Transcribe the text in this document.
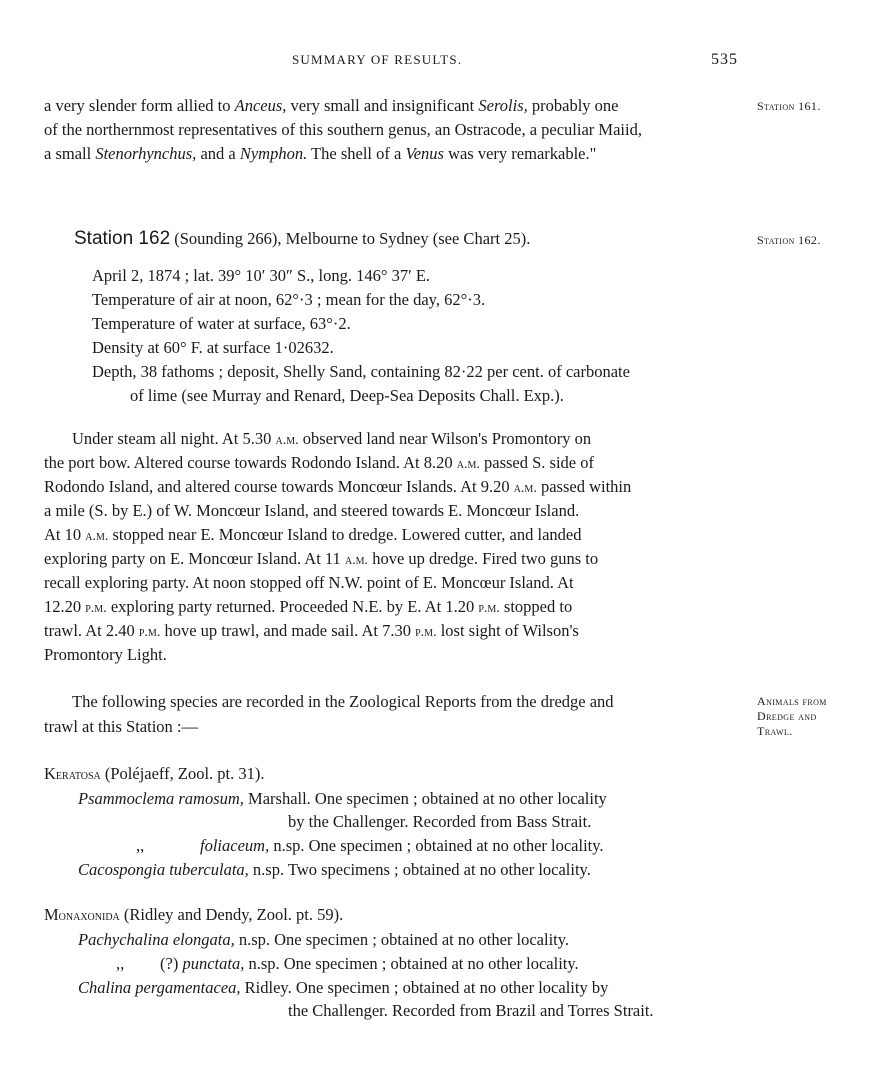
SUMMARY OF RESULTS.	535
a very slender form allied to Anceus, very small and insignificant Serolis, probably one
of the northernmost representatives of this southern genus, an Ostracode, a peculiar Maiid,
a small Stenorhynchus, and a Nymphon. The shell of a Venus was very remarkable."
Station 161.
Station 162.
Animals from
Dredge and
Trawl.
Station 162 (Sounding 266), Melbourne to Sydney (see Chart 25).
April 2, 1874 ; lat. 39° 10′ 30″ S., long. 146° 37′ E.
Temperature of air at noon, 62°·3 ; mean for the day, 62°·3.
Temperature of water at surface, 63°·2.
Density at 60° F. at surface 1·02632.
Depth, 38 fathoms ; deposit, Shelly Sand, containing 82·22 per cent. of carbonate
of lime (see Murray and Renard, Deep-Sea Deposits Chall. Exp.).
Under steam all night. At 5.30 a.m. observed land near Wilson's Promontory on
the port bow. Altered course towards Rodondo Island. At 8.20 a.m. passed S. side of
Rodondo Island, and altered course towards Moncœur Islands. At 9.20 a.m. passed within
a mile (S. by E.) of W. Moncœur Island, and steered towards E. Moncœur Island.
At 10 a.m. stopped near E. Moncœur Island to dredge. Lowered cutter, and landed
exploring party on E. Moncœur Island. At 11 a.m. hove up dredge. Fired two guns to
recall exploring party. At noon stopped off N.W. point of E. Moncœur Island. At
12.20 p.m. exploring party returned. Proceeded N.E. by E. At 1.20 p.m. stopped to
trawl. At 2.40 p.m. hove up trawl, and made sail. At 7.30 p.m. lost sight of Wilson's
Promontory Light.
The following species are recorded in the Zoological Reports from the dredge and
trawl at this Station :—
Keratosa (Poléjaeff, Zool. pt. 31).
Psammoclema ramosum, Marshall. One specimen ; obtained at no other locality
by the Challenger. Recorded from Bass Strait.
,,	foliaceum, n.sp. One specimen ; obtained at no other locality.
Cacospongia tuberculata, n.sp. Two specimens ; obtained at no other locality.
Monaxonida (Ridley and Dendy, Zool. pt. 59).
Pachychalina elongata, n.sp. One specimen ; obtained at no other locality.
,, (?) punctata, n.sp. One specimen ; obtained at no other locality.
Chalina pergamentacea, Ridley. One specimen ; obtained at no other locality by
the Challenger. Recorded from Brazil and Torres Strait.
